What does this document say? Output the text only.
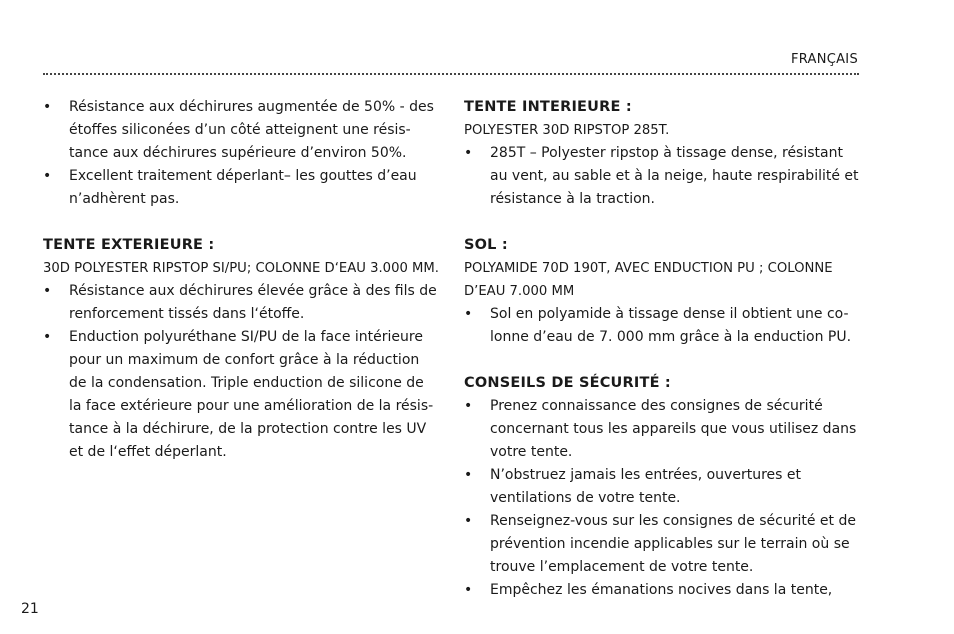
FRANÇAIS
• Résistance aux déchirures augmentée de 50% - des étoffes siliconées d’un côté atteignent une résis-tance aux déchirures supérieure d’environ 50%.
• Excellent traitement déperlant– les gouttes d’eau n’adhèrent pas.

TENTE EXTERIEURE :

30D POLYESTER RIPSTOP SI/PU; COLONNE D‘EAU 3.000 MM.

• Résistance aux déchirures élevée grâce à des fils de renforcement tissés dans l‘étoffe.
• Enduction polyuréthane SI/PU de la face intérieure pour un maximum de confort grâce à la réduction de la condensation. Triple enduction de silicone de la face extérieure pour une amélioration de la résis-tance à la déchirure, de la protection contre les UV et de l‘effet déperlant.

TENTE INTERIEURE :

POLYESTER 30D RIPSTOP 285T.

• 285T – Polyester ripstop à tissage dense, résistant au vent, au sable et à la neige, haute respirabilité et résistance à la traction.

SOL :

POLYAMIDE 70D 190T, AVEC ENDUCTION PU ; COLONNE D’EAU 7.000 MM

• Sol en polyamide à tissage dense il obtient une co-lonne d’eau de 7. 000 mm grâce à la enduction PU.

CONSEILS DE SÉCURITÉ :

• Prenez connaissance des consignes de sécurité concernant tous les appareils que vous utilisez dans votre tente.
• N’obstruez jamais les entrées, ouvertures et ventilations de votre tente.
• Renseignez-vous sur les consignes de sécurité et de prévention incendie applicables sur le terrain où se trouve l’emplacement de votre tente.
• Empêchez les émanations nocives dans la tente,
21
